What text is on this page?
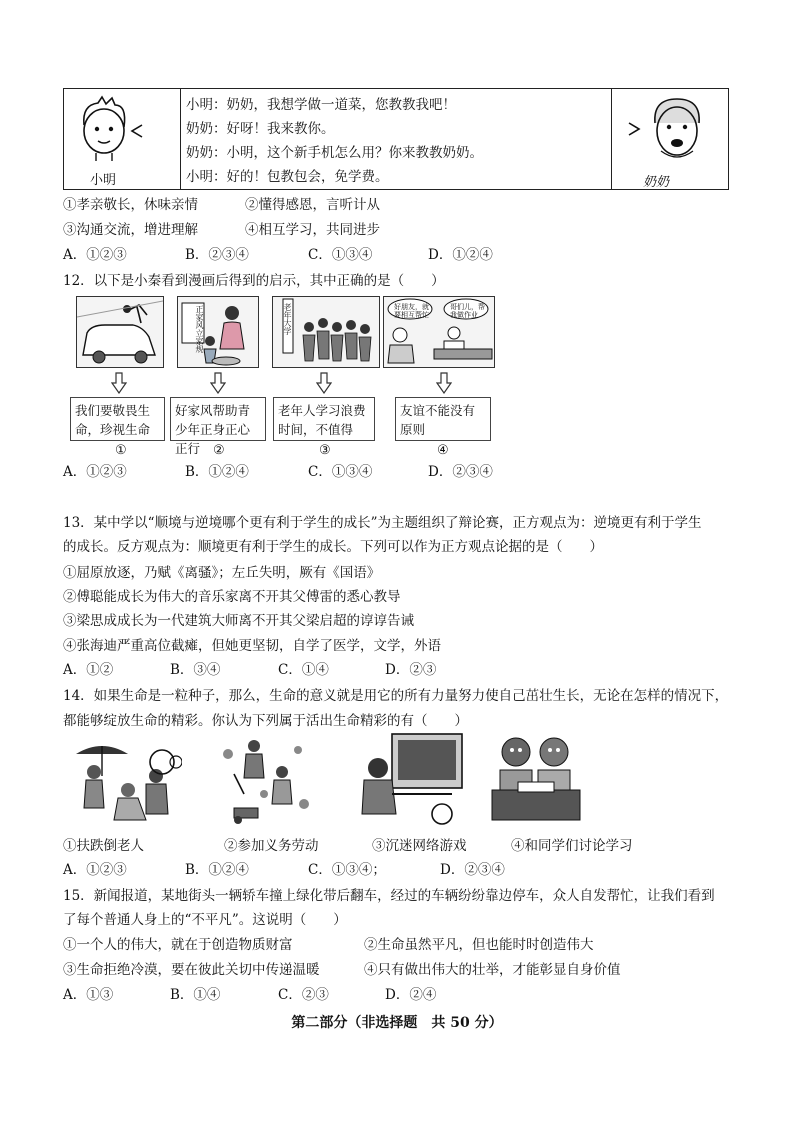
小明
小明：奶奶，我想学做一道菜，您教教我吧！
奶奶：好呀！我来教你。
奶奶：小明，这个新手机怎么用？你来教教奶奶。
小明：好的！包教包会，免学费。	奶奶
①孝亲敬长，休味亲情	②懂得感恩，言听计从
③沟通交流，增进理解	④相互学习，共同进步
A．①②③	B．②③④	C．①③④	D．①②④
12．以下是小秦看到漫画后得到的启示，其中正确的是（　　）
正家风立家规	老年大学	好朋友，就要相互帮忙
哥们儿，帮我做作业
我们要敬畏生命，珍视生命
好家风帮助青少年正身正心正行
老年人学习浪费时间，不值得
友谊不能没有原则
①	②	③	④
A．①②③	B．①②④	C．①③④	D．②③④
13．某中学以“顺境与逆境哪个更有利于学生的成长”为主题组织了辩论赛，正方观点为：逆境更有利于学生
的成长。反方观点为：顺境更有利于学生的成长。下列可以作为正方观点论据的是（　　）
①屈原放逐，乃赋《离骚》；左丘失明，厥有《国语》
②傅聪能成长为伟大的音乐家离不开其父傅雷的悉心教导
③梁思成成长为一代建筑大师离不开其父梁启超的谆谆告诫
④张海迪严重高位截瘫，但她更坚韧，自学了医学，文学，外语
A．①②	B．③④	C．①④	D．②③
14．如果生命是一粒种子，那么，生命的意义就是用它的所有力量努力使自己茁壮生长，无论在怎样的情况下，
都能够绽放生命的精彩。你认为下列属于活出生命精彩的有（　　）
①扶跌倒老人	②参加义务劳动	③沉迷网络游戏	④和同学们讨论学习
A．①②③	B．①②④	C．①③④；	D．②③④
15．新闻报道，某地街头一辆轿车撞上绿化带后翻车，经过的车辆纷纷靠边停车，众人自发帮忙，让我们看到
了每个普通人身上的“不平凡”。这说明（　　）
①一个人的伟大，就在于创造物质财富	②生命虽然平凡，但也能时时创造伟大
③生命拒绝冷漠，要在彼此关切中传递温暖	④只有做出伟大的壮举，才能彰显自身价值
A．①③	B．①④	C．②③	D．②④
第二部分（非选择题　共 50 分）
